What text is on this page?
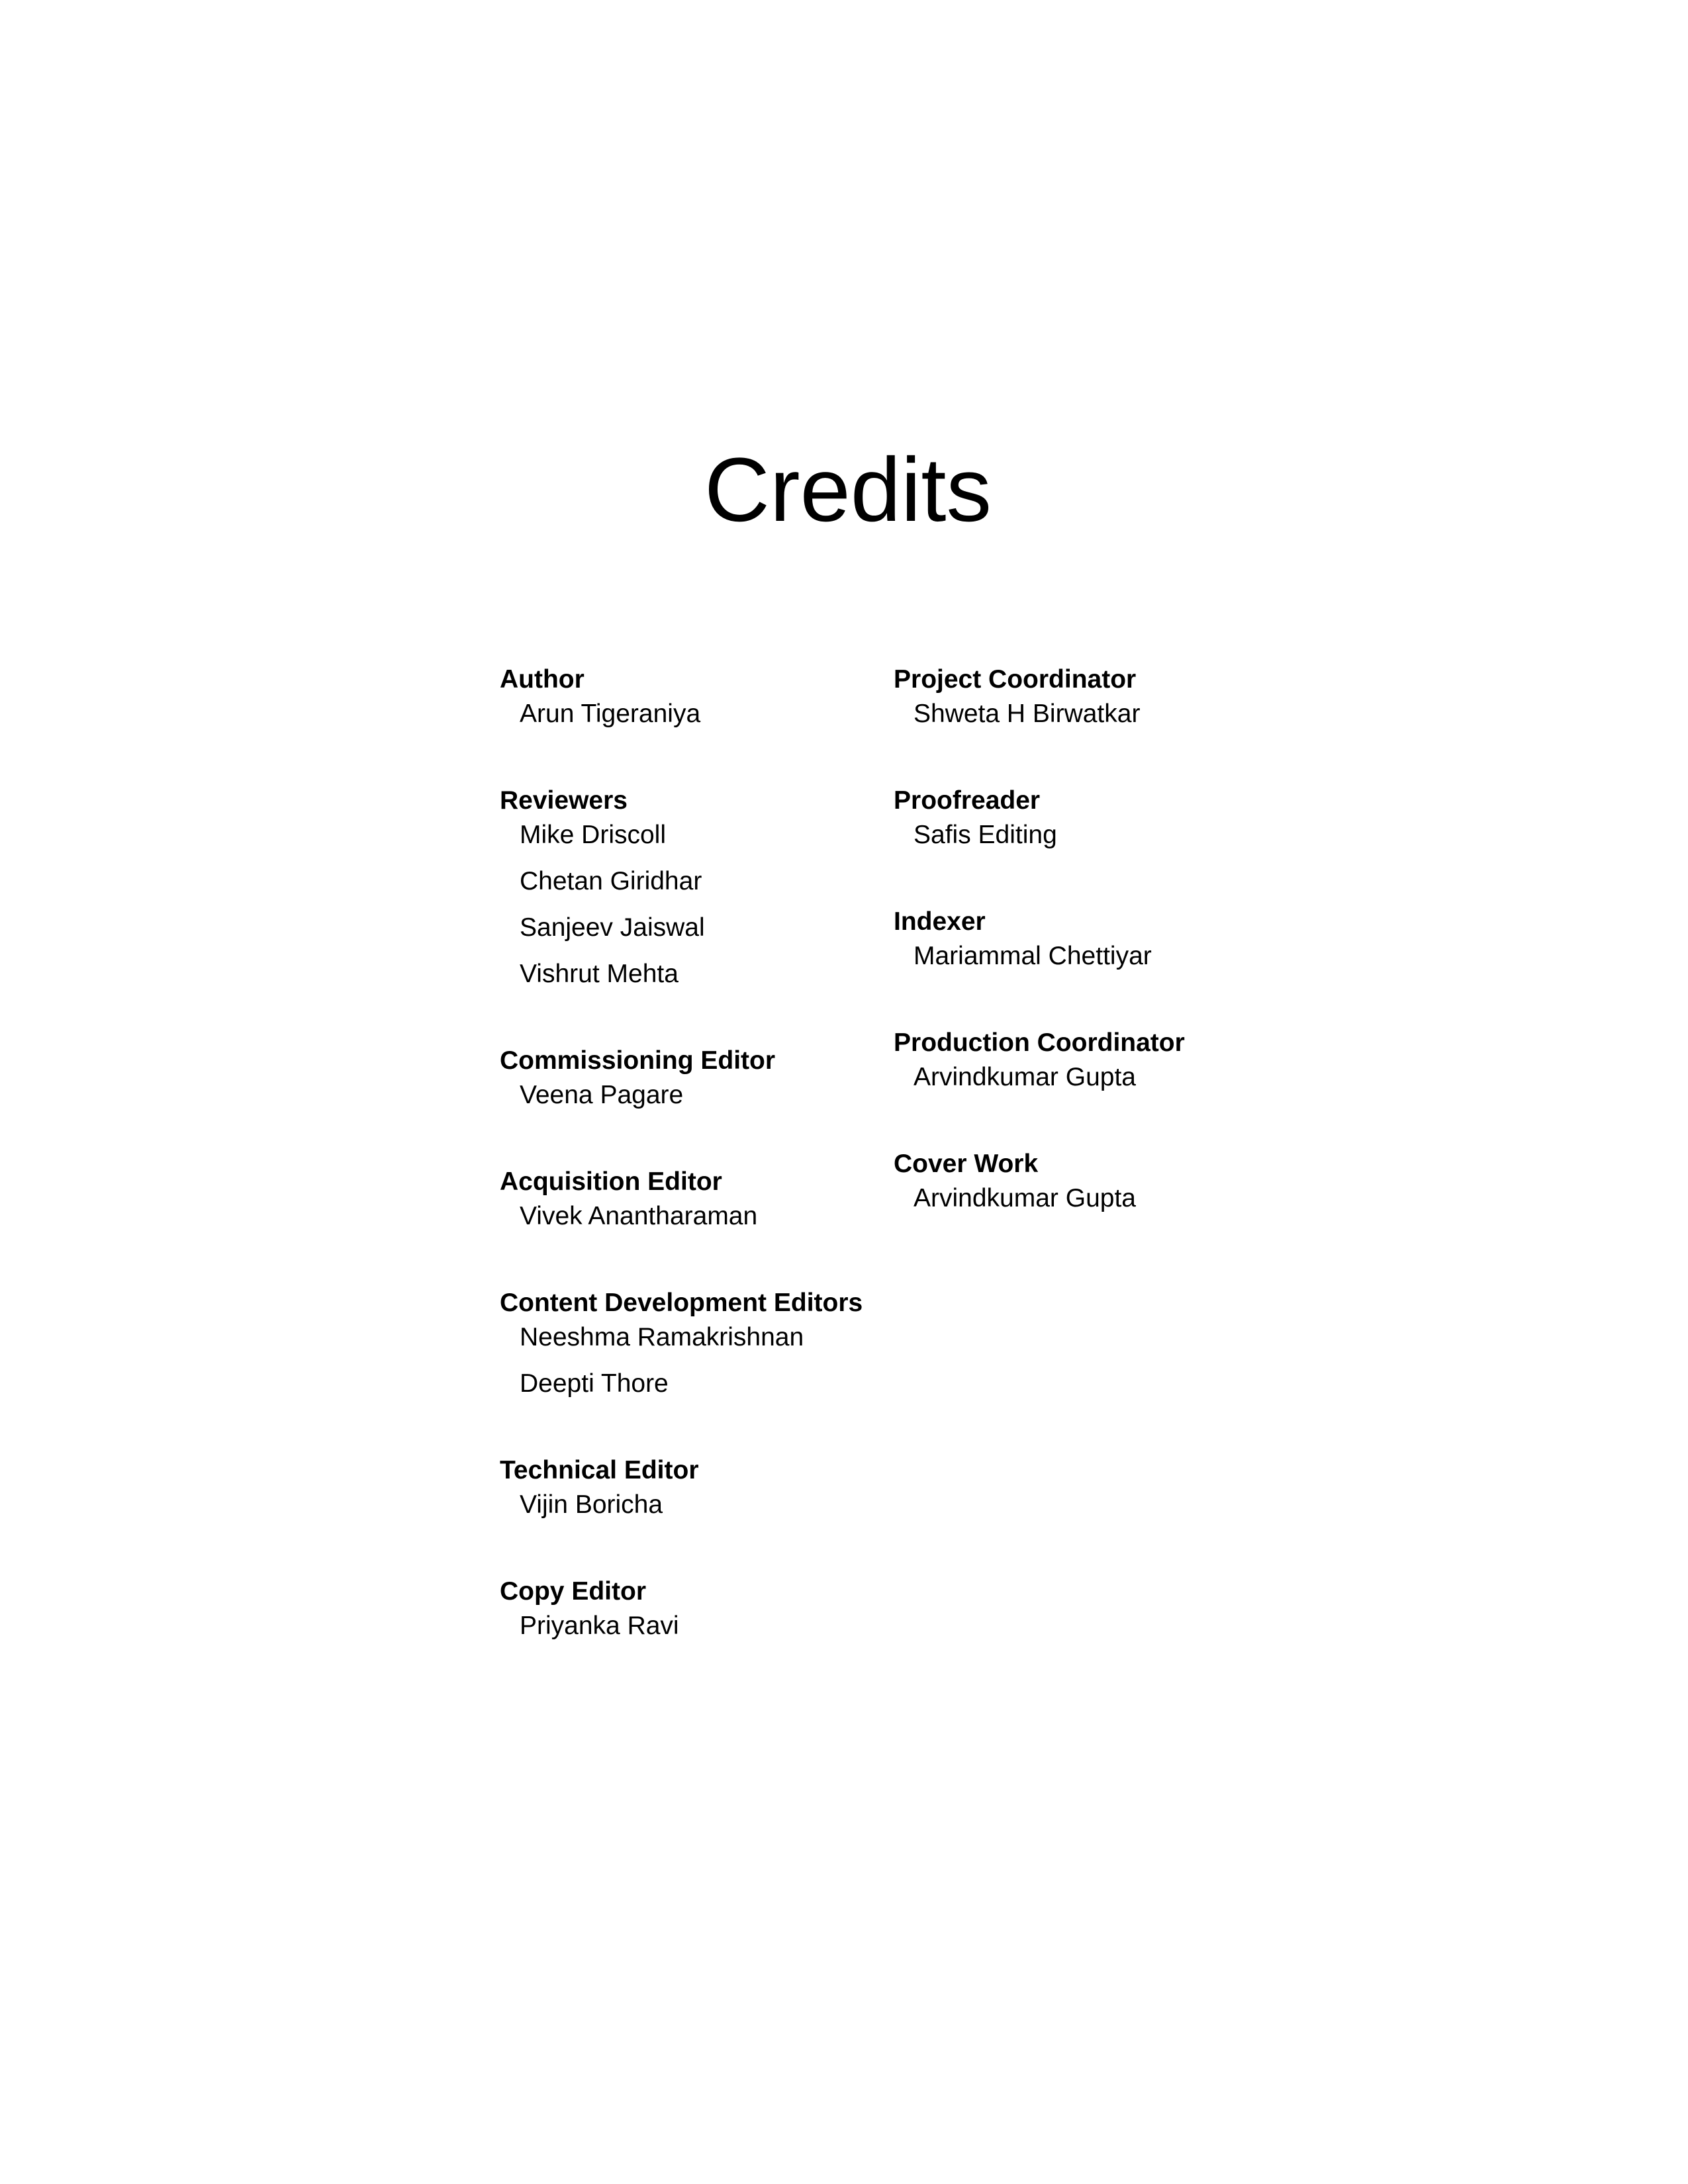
Credits

Author

Arun Tigeraniya

Reviewers

Mike Driscoll
Chetan Giridhar
Sanjeev Jaiswal
Vishrut Mehta

Commissioning Editor

Veena Pagare

Acquisition Editor

Vivek Anantharaman

Content Development Editors

Neeshma Ramakrishnan
Deepti Thore

Technical Editor

Vijin Boricha

Copy Editor

Priyanka Ravi

Project Coordinator

Shweta H Birwatkar

Proofreader

Safis Editing

Indexer

Mariammal Chettiyar

Production Coordinator

Arvindkumar Gupta

Cover Work

Arvindkumar Gupta
